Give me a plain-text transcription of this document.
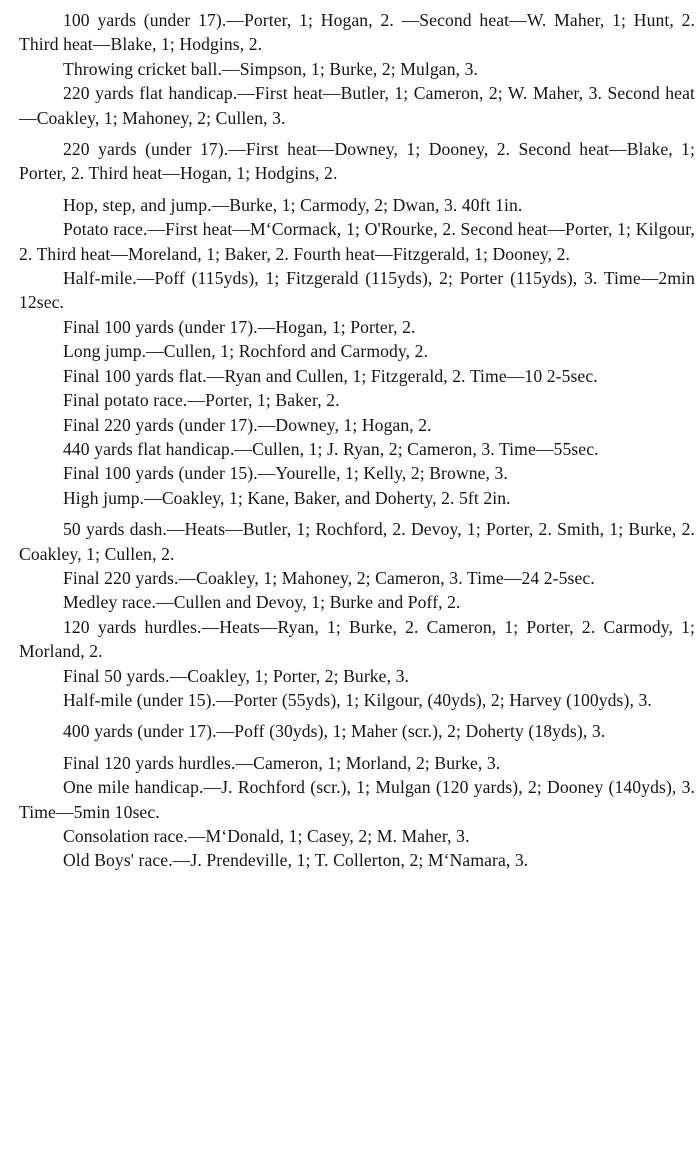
100 yards (under 17).—Porter, 1; Hogan, 2. —Second heat—W. Maher, 1; Hunt, 2. Third heat—Blake, 1; Hodgins, 2.

Throwing cricket ball.—Simpson, 1; Burke, 2; Mulgan, 3.

220 yards flat handicap.—First heat—Butler, 1; Cameron, 2; W. Maher, 3. Second heat—Coakley, 1; Mahoney, 2; Cullen, 3.

220 yards (under 17).—First heat—Downey, 1; Dooney, 2. Second heat—Blake, 1; Porter, 2. Third heat—Hogan, 1; Hodgins, 2.

Hop, step, and jump.—Burke, 1; Carmody, 2; Dwan, 3. 40ft 1in.

Potato race.—First heat—M‘Cormack, 1; O'Rourke, 2. Second heat—Porter, 1; Kilgour, 2. Third heat—Moreland, 1; Baker, 2. Fourth heat—Fitzgerald, 1; Dooney, 2.

Half-mile.—Poff (115yds), 1; Fitzgerald (115yds), 2; Porter (115yds), 3. Time—2min 12sec.

Final 100 yards (under 17).—Hogan, 1; Porter, 2.

Long jump.—Cullen, 1; Rochford and Carmody, 2.

Final 100 yards flat.—Ryan and Cullen, 1; Fitzgerald, 2. Time—10 2-5sec.

Final potato race.—Porter, 1; Baker, 2.

Final 220 yards (under 17).—Downey, 1; Hogan, 2.

440 yards flat handicap.—Cullen, 1; J. Ryan, 2; Cameron, 3. Time—55sec.

Final 100 yards (under 15).—Yourelle, 1; Kelly, 2; Browne, 3.

High jump.—Coakley, 1; Kane, Baker, and Doherty, 2. 5ft 2in.

50 yards dash.—Heats—Butler, 1; Rochford, 2. Devoy, 1; Porter, 2. Smith, 1; Burke, 2. Coakley, 1; Cullen, 2.

Final 220 yards.—Coakley, 1; Mahoney, 2; Cameron, 3. Time—24 2-5sec.

Medley race.—Cullen and Devoy, 1; Burke and Poff, 2.

120 yards hurdles.—Heats—Ryan, 1; Burke, 2. Cameron, 1; Porter, 2. Carmody, 1; Morland, 2.

Final 50 yards.—Coakley, 1; Porter, 2; Burke, 3.

Half-mile (under 15).—Porter (55yds), 1; Kilgour, (40yds), 2; Harvey (100yds), 3.

400 yards (under 17).—Poff (30yds), 1; Maher (scr.), 2; Doherty (18yds), 3.

Final 120 yards hurdles.—Cameron, 1; Morland, 2; Burke, 3.

One mile handicap.—J. Rochford (scr.), 1; Mulgan (120 yards), 2; Dooney (140yds), 3. Time—5min 10sec.

Consolation race.—M‘Donald, 1; Casey, 2; M. Maher, 3.

Old Boys' race.—J. Prendeville, 1; T. Collerton, 2; M‘Namara, 3.
